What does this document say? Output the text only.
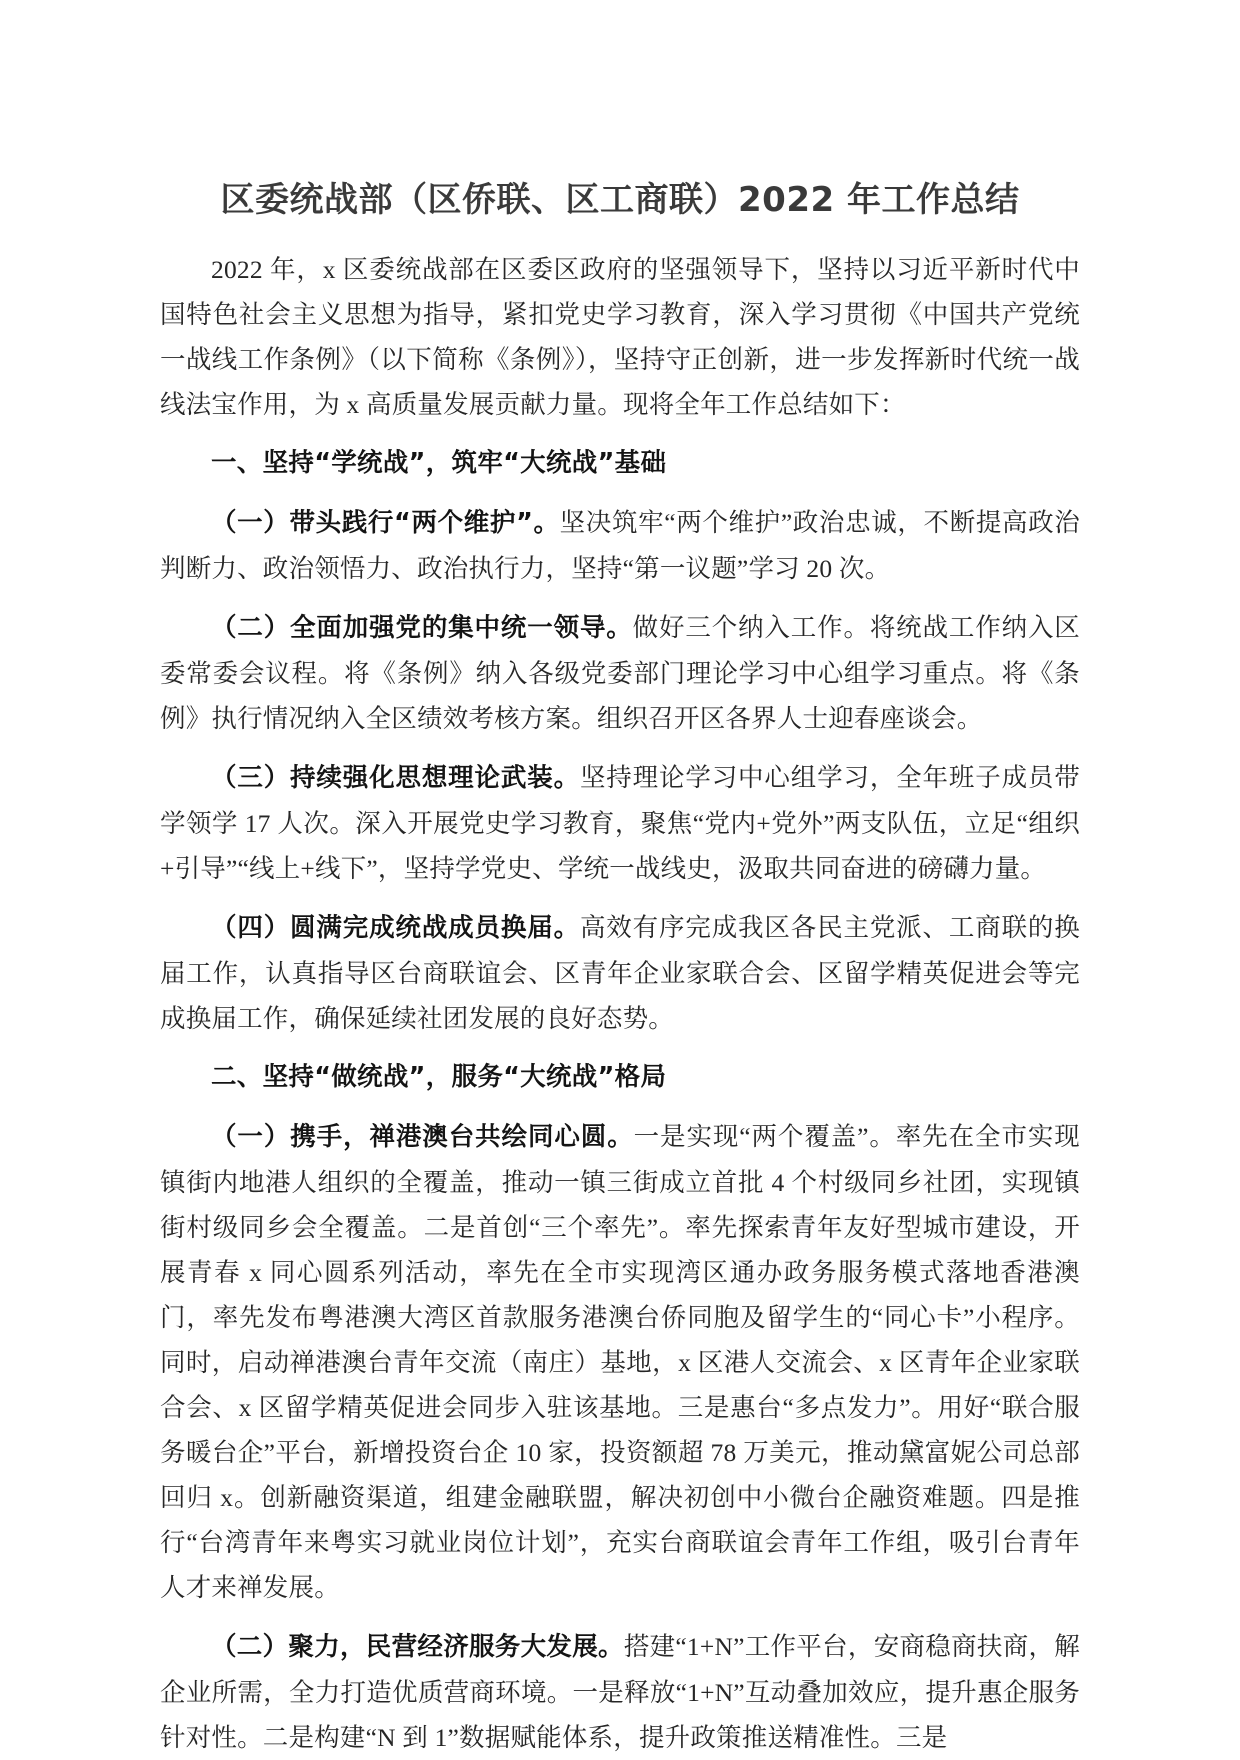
区委统战部（区侨联、区工商联）2022 年工作总结

2022 年，x 区委统战部在区委区政府的坚强领导下，坚持以习近平新时代中国特色社会主义思想为指导，紧扣党史学习教育，深入学习贯彻《中国共产党统一战线工作条例》（以下简称《条例》），坚持守正创新，进一步发挥新时代统一战线法宝作用，为 x 高质量发展贡献力量。现将全年工作总结如下：

一、坚持“学统战”，筑牢“大统战”基础

（一）带头践行“两个维护”。坚决筑牢“两个维护”政治忠诚，不断提高政治判断力、政治领悟力、政治执行力，坚持“第一议题”学习 20 次。

（二）全面加强党的集中统一领导。做好三个纳入工作。将统战工作纳入区委常委会议程。将《条例》纳入各级党委部门理论学习中心组学习重点。将《条例》执行情况纳入全区绩效考核方案。组织召开区各界人士迎春座谈会。

（三）持续强化思想理论武装。坚持理论学习中心组学习，全年班子成员带学领学 17 人次。深入开展党史学习教育，聚焦“党内+党外”两支队伍，立足“组织+引导”“线上+线下”，坚持学党史、学统一战线史，汲取共同奋进的磅礴力量。

（四）圆满完成统战成员换届。高效有序完成我区各民主党派、工商联的换届工作，认真指导区台商联谊会、区青年企业家联合会、区留学精英促进会等完成换届工作，确保延续社团发展的良好态势。

二、坚持“做统战”，服务“大统战”格局

（一）携手，禅港澳台共绘同心圆。一是实现“两个覆盖”。率先在全市实现镇街内地港人组织的全覆盖，推动一镇三街成立首批 4 个村级同乡社团，实现镇街村级同乡会全覆盖。二是首创“三个率先”。率先探索青年友好型城市建设，开展青春 x 同心圆系列活动，率先在全市实现湾区通办政务服务模式落地香港澳门，率先发布粤港澳大湾区首款服务港澳台侨同胞及留学生的“同心卡”小程序。同时，启动禅港澳台青年交流（南庄）基地，x 区港人交流会、x 区青年企业家联合会、x 区留学精英促进会同步入驻该基地。三是惠台“多点发力”。用好“联合服务暖台企”平台，新增投资台企 10 家，投资额超 78 万美元，推动黛富妮公司总部回归 x。创新融资渠道，组建金融联盟，解决初创中小微台企融资难题。四是推行“台湾青年来粤实习就业岗位计划”，充实台商联谊会青年工作组，吸引台青年人才来禅发展。

（二）聚力，民营经济服务大发展。搭建“1+N”工作平台，安商稳商扶商，解企业所需，全力打造优质营商环境。一是释放“1+N”互动叠加效应，提升惠企服务针对性。二是构建“N 到 1”数据赋能体系，提升政策推送精准性。三是
